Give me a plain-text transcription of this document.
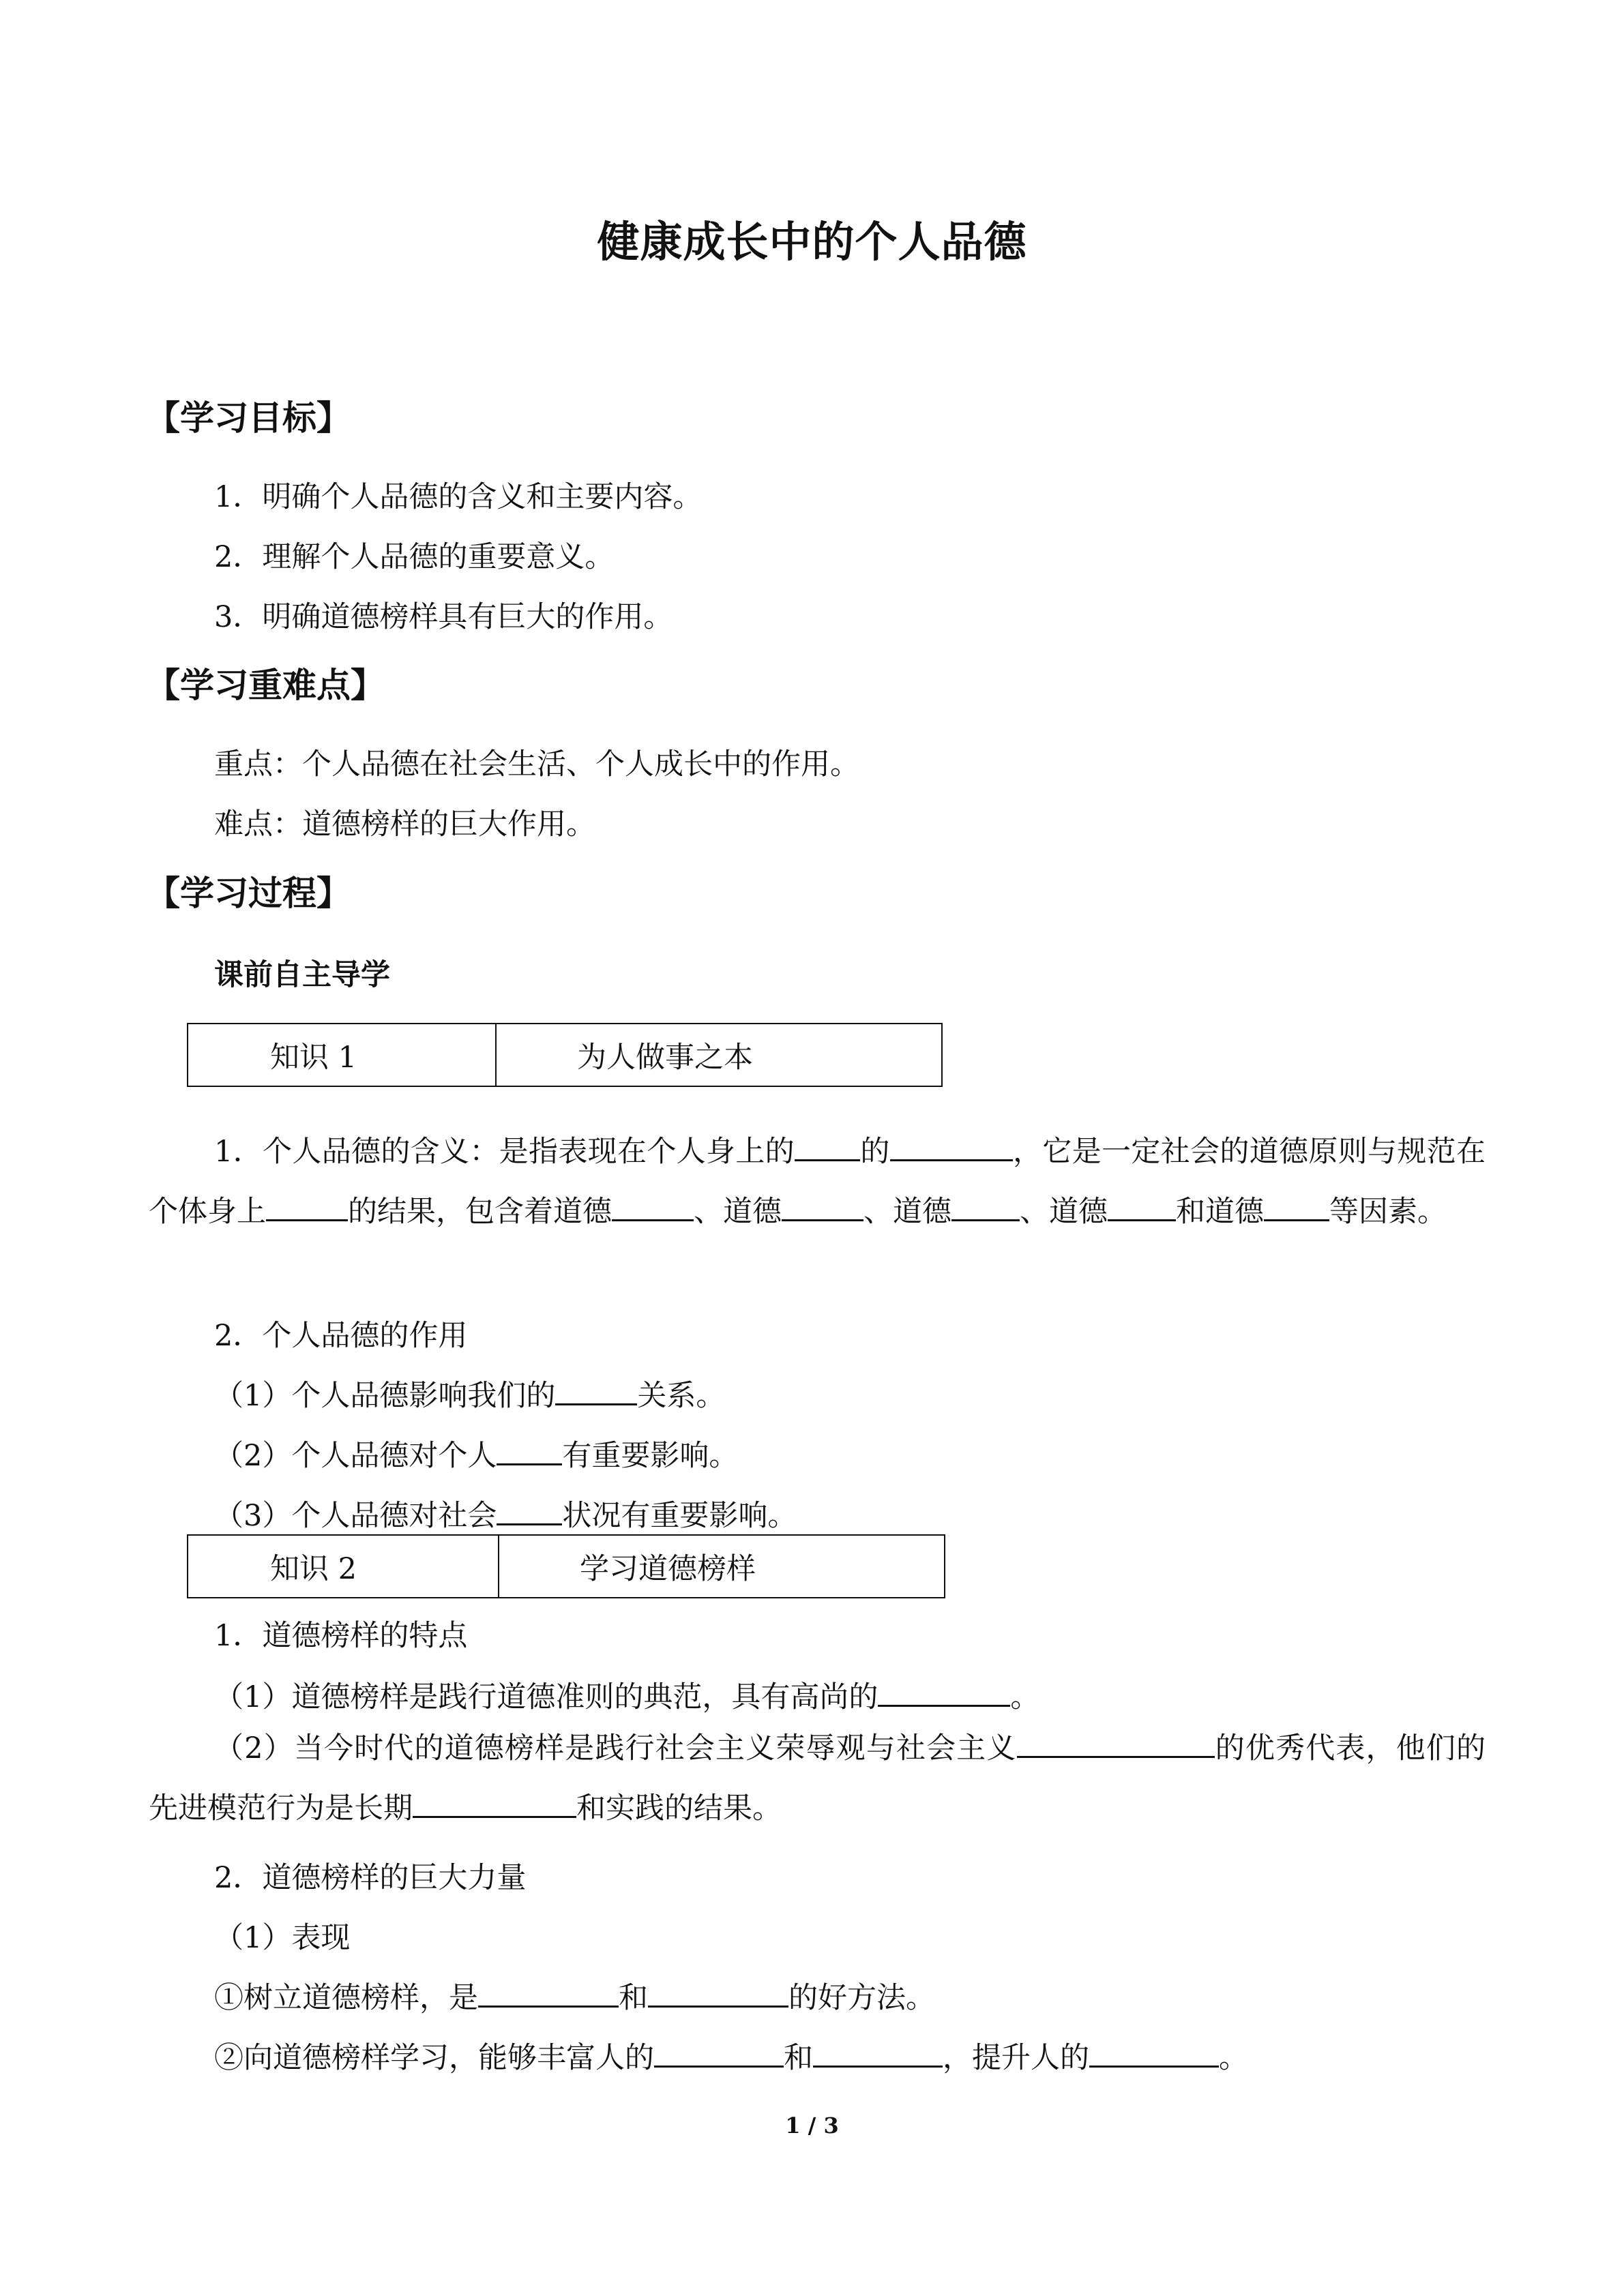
健康成长中的个人品德
【学习目标】
1．明确个人品德的含义和主要内容。
2．理解个人品德的重要意义。
3．明确道德榜样具有巨大的作用。
【学习重难点】
重点：个人品德在社会生活、个人成长中的作用。
难点：道德榜样的巨大作用。
【学习过程】
课前自主导学
知识 1	为人做事之本
1．个人品德的含义：是指表现在个人身上的 的	，它是一定社会的道德原则与规范在个体身上	的结果，包含着道德	、道德	、道德 、道德 和道德 等因素。
2．个人品德的作用
（1）个人品德影响我们的	关系。
（2）个人品德对个人 有重要影响。
（3）个人品德对社会 状况有重要影响。
知识 2	学习道德榜样
1．道德榜样的特点
（1）道德榜样是践行道德准则的典范，具有高尚的	。
（2）当今时代的道德榜样是践行社会主义荣辱观与社会主义	的优秀代表，他们的先进模范行为是长期	和实践的结果。
2．道德榜样的巨大力量
（1）表现
①树立道德榜样，是	和	的好方法。
②向道德榜样学习，能够丰富人的	和	，提升人的	。
1 / 3
